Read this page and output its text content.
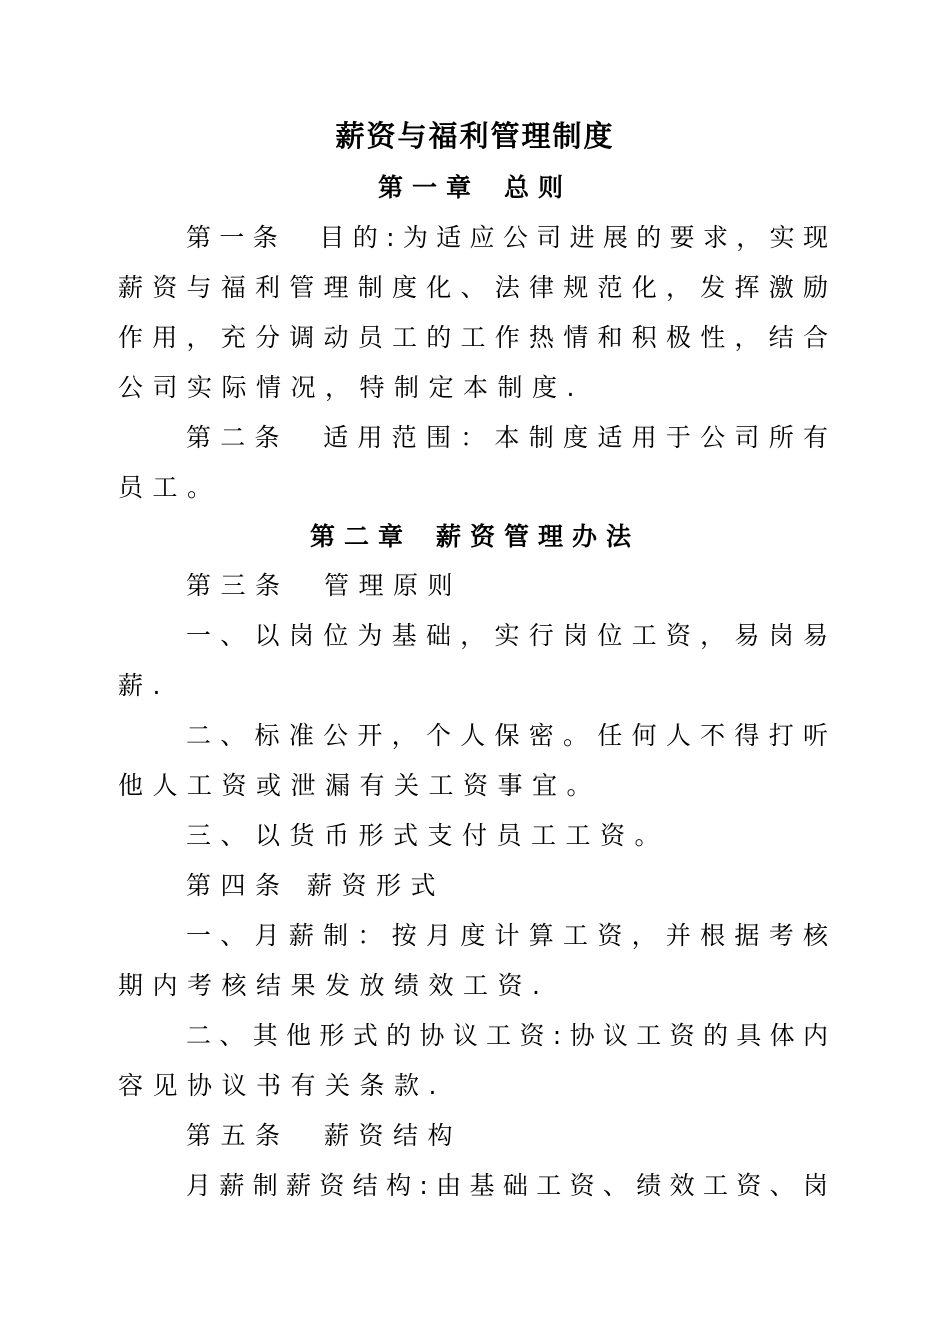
薪资与福利管理制度
第一章 总则
第一条　目的:为适应公司进展的要求，实现
薪资与福利管理制度化、法律规范化，发挥激励
作用，充分调动员工的工作热情和积极性，结合
公司实际情况，特制定本制度.
第二条　适用范围：本制度适用于公司所有
员工。
第二章 薪资管理办法
第三条　管理原则
一、以岗位为基础，实行岗位工资，易岗易
薪.
二、标准公开，个人保密。任何人不得打听
他人工资或泄漏有关工资事宜。
三、以货币形式支付员工工资。
第四条 薪资形式
一、月薪制：按月度计算工资，并根据考核
期内考核结果发放绩效工资.
二、其他形式的协议工资:协议工资的具体内
容见协议书有关条款.
第五条　薪资结构
月薪制薪资结构:由基础工资、绩效工资、岗
